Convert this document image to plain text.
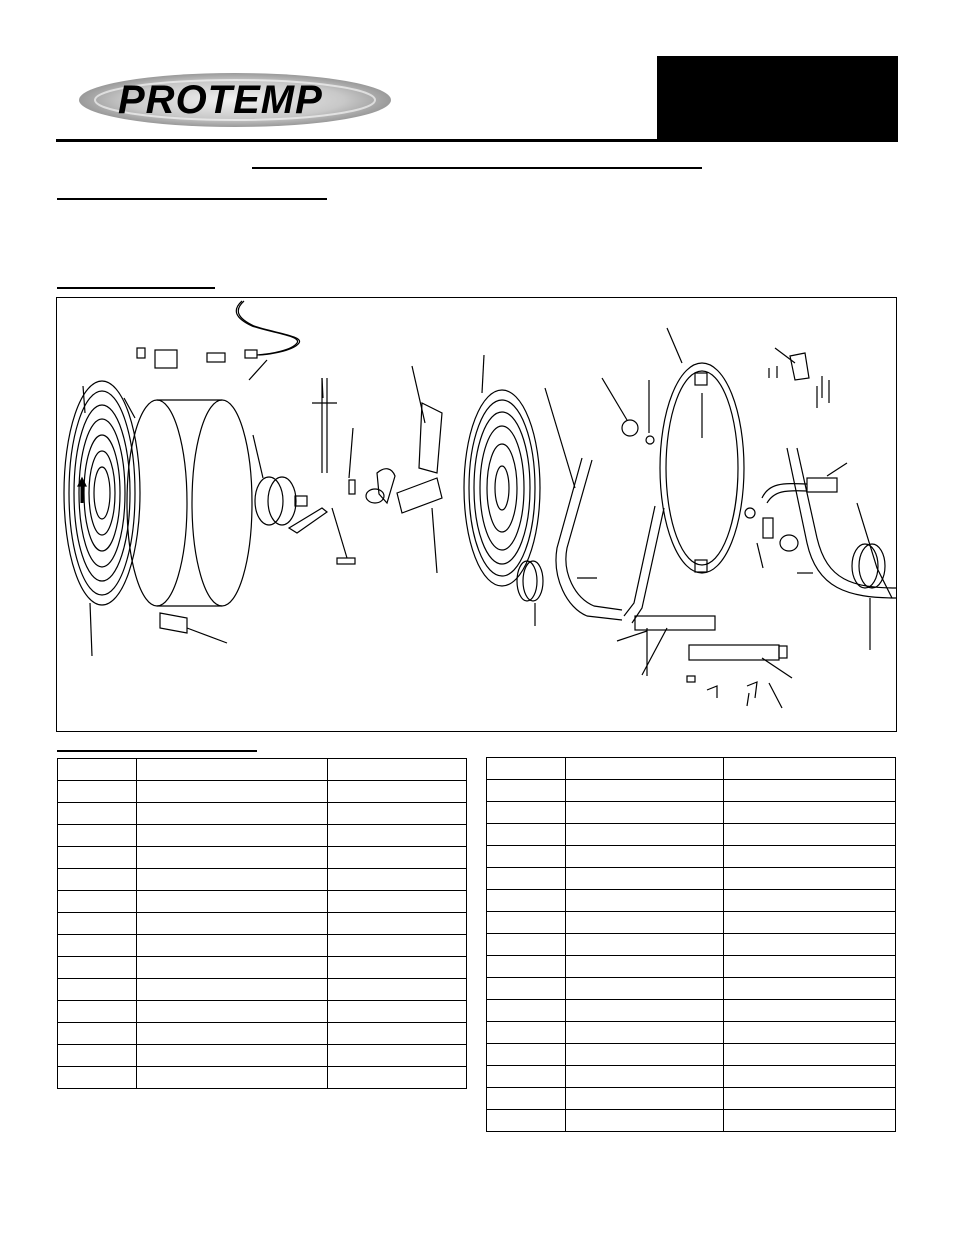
PROTEMP
